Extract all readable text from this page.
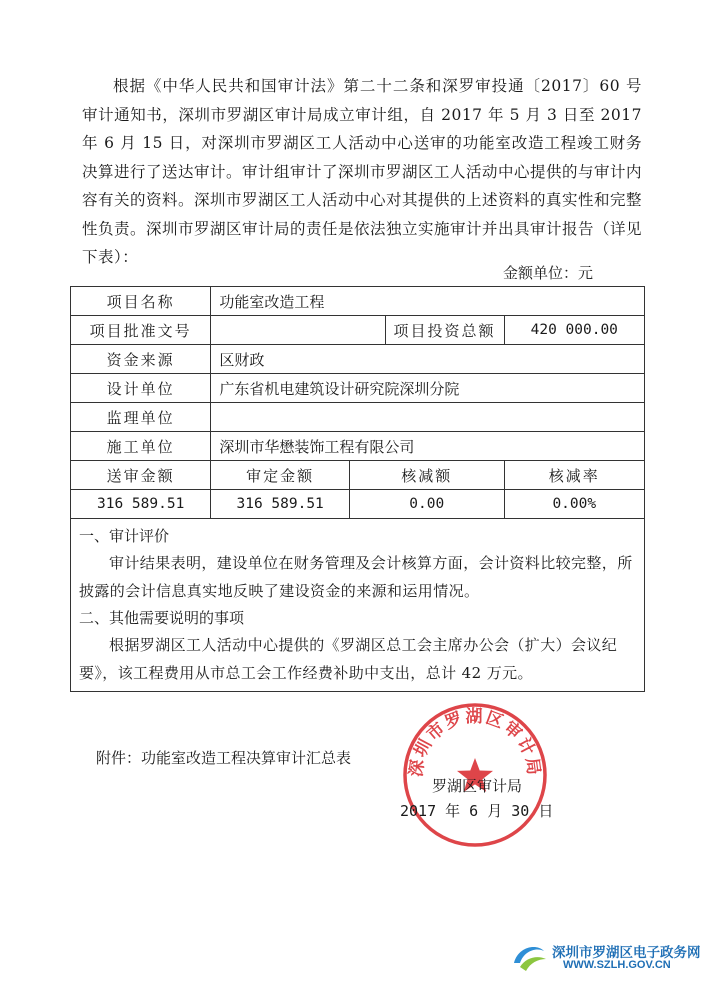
根据《中华人民共和国审计法》第二十二条和深罗审投通〔2017〕60 号审计通知书，深圳市罗湖区审计局成立审计组，自 2017 年 5 月 3 日至 2017 年 6 月 15 日，对深圳市罗湖区工人活动中心送审的功能室改造工程竣工财务决算进行了送达审计。审计组审计了深圳市罗湖区工人活动中心提供的与审计内容有关的资料。深圳市罗湖区工人活动中心对其提供的上述资料的真实性和完整性负责。深圳市罗湖区审计局的责任是依法独立实施审计并出具审计报告（详见下表）：
金额单位：元
项目名称	功能室改造工程			
项目批准文号			项目投资总额	420 000.00
资金来源	区财政			
设计单位	广东省机电建筑设计研究院深圳分院			
监理单位				
施工单位	深圳市华懋装饰工程有限公司			
送审金额	审定金额	核减额		核减率
316 589.51	316 589.51	0.00		0.00%

一、审计评价
审计结果表明，建设单位在财务管理及会计核算方面，会计资料比较完整，所披露的会计信息真实地反映了建设资金的来源和运用情况。
二、其他需要说明的事项
根据罗湖区工人活动中心提供的《罗湖区总工会主席办公会（扩大）会议纪要》，该工程费用从市总工会工作经费补助中支出，总计 42 万元。				
附件：功能室改造工程决算审计汇总表	深圳市罗湖区审计局
罗湖区审计局
2017 年 6 月 30 日
深圳市罗湖区电子政务网
WWW.SZLH.GOV.CN
